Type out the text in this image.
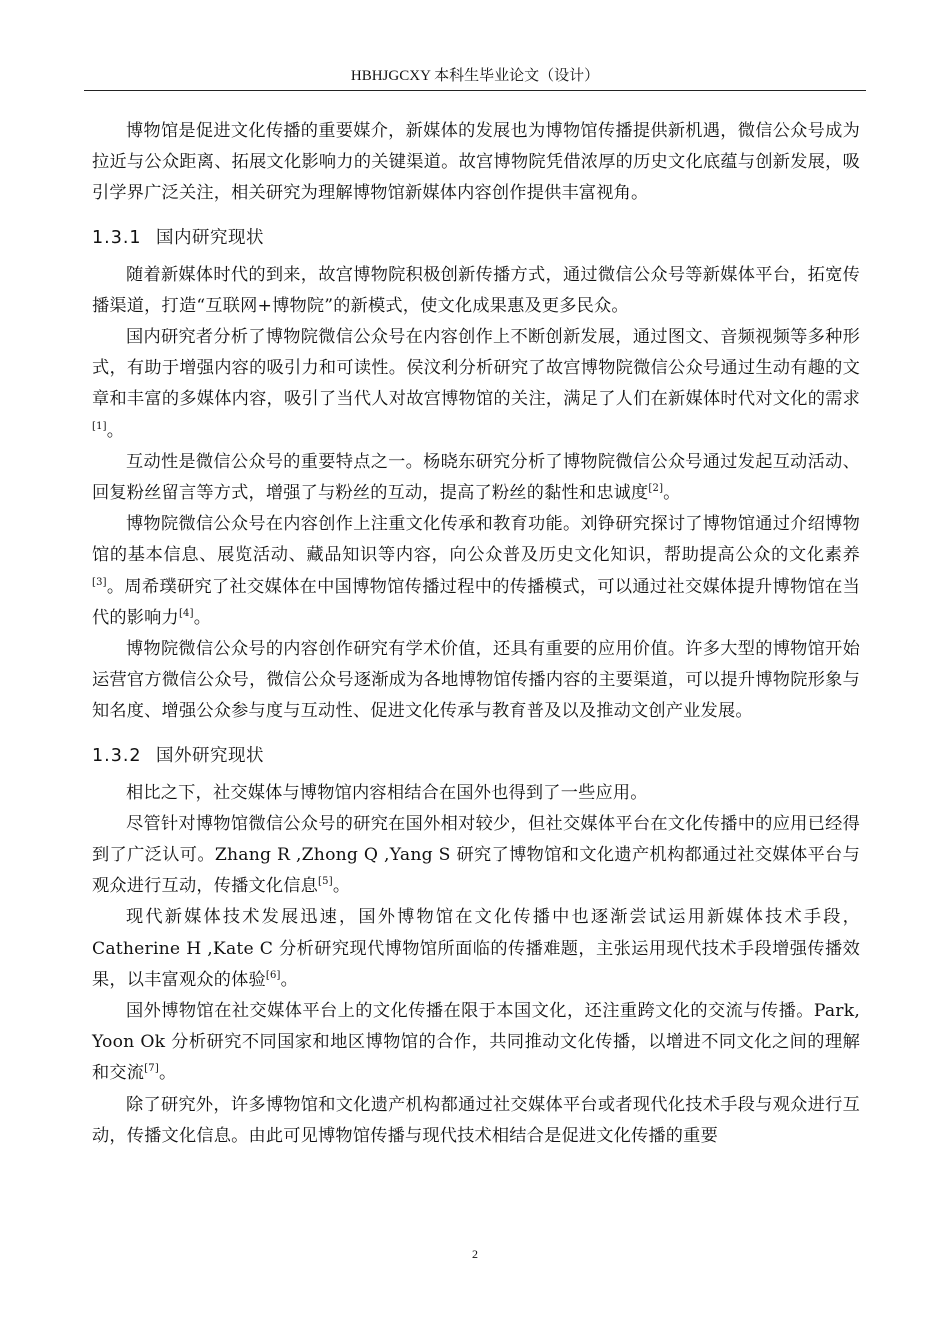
HBHJGCXY 本科生毕业论文（设计）

博物馆是促进文化传播的重要媒介，新媒体的发展也为博物馆传播提供新机遇，微信公众号成为拉近与公众距离、拓展文化影响力的关键渠道。故宫博物院凭借浓厚的历史文化底蕴与创新发展，吸引学界广泛关注，相关研究为理解博物馆新媒体内容创作提供丰富视角。

1.3.1 国内研究现状

随着新媒体时代的到来，故宫博物院积极创新传播方式，通过微信公众号等新媒体平台，拓宽传播渠道，打造“互联网+博物院”的新模式，使文化成果惠及更多民众。

国内研究者分析了博物院微信公众号在内容创作上不断创新发展，通过图文、音频视频等多种形式，有助于增强内容的吸引力和可读性。侯汶利分析研究了故宫博物院微信公众号通过生动有趣的文章和丰富的多媒体内容，吸引了当代人对故宫博物馆的关注，满足了人们在新媒体时代对文化的需求[1]。

互动性是微信公众号的重要特点之一。杨晓东研究分析了博物院微信公众号通过发起互动活动、回复粉丝留言等方式，增强了与粉丝的互动，提高了粉丝的黏性和忠诚度[2]。

博物院微信公众号在内容创作上注重文化传承和教育功能。刘铮研究探讨了博物馆通过介绍博物馆的基本信息、展览活动、藏品知识等内容，向公众普及历史文化知识，帮助提高公众的文化素养[3]。周希璞研究了社交媒体在中国博物馆传播过程中的传播模式，可以通过社交媒体提升博物馆在当代的影响力[4]。

博物院微信公众号的内容创作研究有学术价值，还具有重要的应用价值。许多大型的博物馆开始运营官方微信公众号，微信公众号逐渐成为各地博物馆传播内容的主要渠道，可以提升博物院形象与知名度、增强公众参与度与互动性、促进文化传承与教育普及以及推动文创产业发展。

1.3.2 国外研究现状

相比之下，社交媒体与博物馆内容相结合在国外也得到了一些应用。

尽管针对博物馆微信公众号的研究在国外相对较少，但社交媒体平台在文化传播中的应用已经得到了广泛认可。Zhang R ,Zhong Q ,Yang S 研究了博物馆和文化遗产机构都通过社交媒体平台与观众进行互动，传播文化信息[5]。

现代新媒体技术发展迅速，国外博物馆在文化传播中也逐渐尝试运用新媒体技术手段，Catherine H ,Kate C 分析研究现代博物馆所面临的传播难题，主张运用现代技术手段增强传播效果，以丰富观众的体验[6]。

国外博物馆在社交媒体平台上的文化传播在限于本国文化，还注重跨文化的交流与传播。Park, Yoon Ok 分析研究不同国家和地区博物馆的合作，共同推动文化传播，以增进不同文化之间的理解和交流[7]。

除了研究外，许多博物馆和文化遗产机构都通过社交媒体平台或者现代化技术手段与观众进行互动，传播文化信息。由此可见博物馆传播与现代技术相结合是促进文化传播的重要

2
